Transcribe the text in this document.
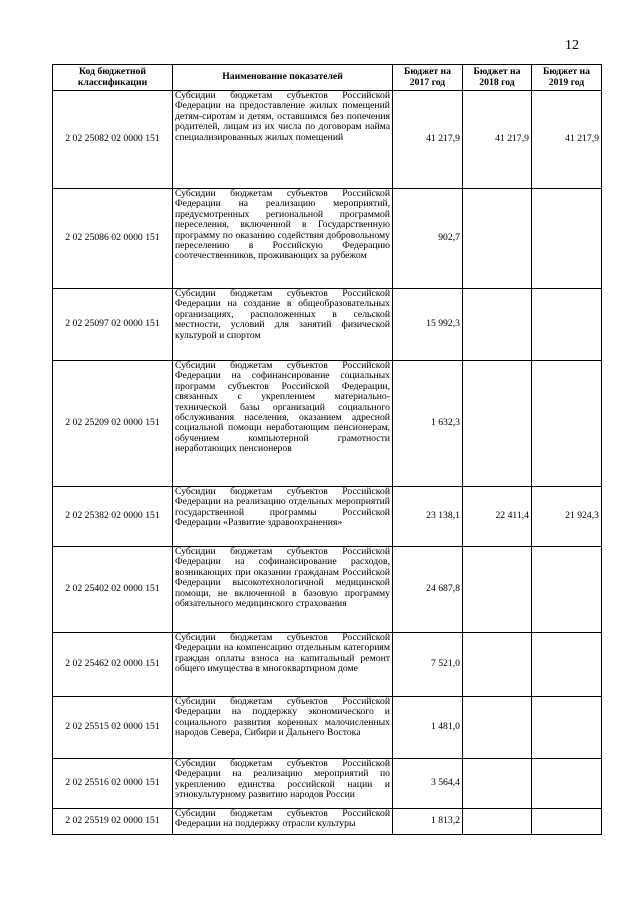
12
Код бюджетной классификации	Наименование показателей	Бюджет на 2017 год	Бюджет на 2018 год	Бюджет на 2019 год
2 02 25082 02 0000 151	Субсидии бюджетам субъектов Российской Федерации на предоставление жилых помещений детям-сиротам и детям, оставшимся без попечения родителей, лицам из их числа по договорам найма специализированных жилых помещений	41 217,9	41 217,9	41 217,9
2 02 25086 02 0000 151	Субсидии бюджетам субъектов Российской Федерации на реализацию мероприятий, предусмотренных региональной программой переселения, включенной в Государственную программу по оказанию содействия добровольному переселению в Российскую Федерацию соотечественников, проживающих за рубежом	902,7		
2 02 25097 02 0000 151	Субсидии бюджетам субъектов Российской Федерации на создание в общеобразовательных организациях, расположенных в сельской местности, условий для занятий физической культурой и спортом	15 992,3		
2 02 25209 02 0000 151	Субсидии бюджетам субъектов Российской Федерации на софинансирование социальных программ субъектов Российской Федерации, связанных с укреплением материально-технической базы организаций социального обслуживания населения, оказанием адресной социальной помощи неработающим пенсионерам, обучением компьютерной грамотности неработающих пенсионеров	1 632,3		
2 02 25382 02 0000 151	Субсидии бюджетам субъектов Российской Федерации на реализацию отдельных мероприятий государственной программы Российской Федерации «Развитие здравоохранения»	23 138,1	22 411,4	21 924,3
2 02 25402 02 0000 151	Субсидии бюджетам субъектов Российской Федерации на софинансирование расходов, возникающих при оказании гражданам Российской Федерации высокотехнологичной медицинской помощи, не включенной в базовую программу обязательного медицинского страхования	24 687,8		
2 02 25462 02 0000 151	Субсидии бюджетам субъектов Российской Федерации на компенсацию отдельным категориям граждан оплаты взноса на капитальный ремонт общего имущества в многоквартирном доме	7 521,0		
2 02 25515 02 0000 151	Субсидии бюджетам субъектов Российской Федерации на поддержку экономического и социального развития коренных малочисленных народов Севера, Сибири и Дальнего Востока	1 481,0		
2 02 25516 02 0000 151	Субсидии бюджетам субъектов Российской Федерации на реализацию мероприятий по укреплению единства российской нации и этнокультурному развитию народов России	3 564,4		
2 02 25519 02 0000 151	Субсидии бюджетам субъектов Российской Федерации на поддержку отрасли культуры	1 813,2		
